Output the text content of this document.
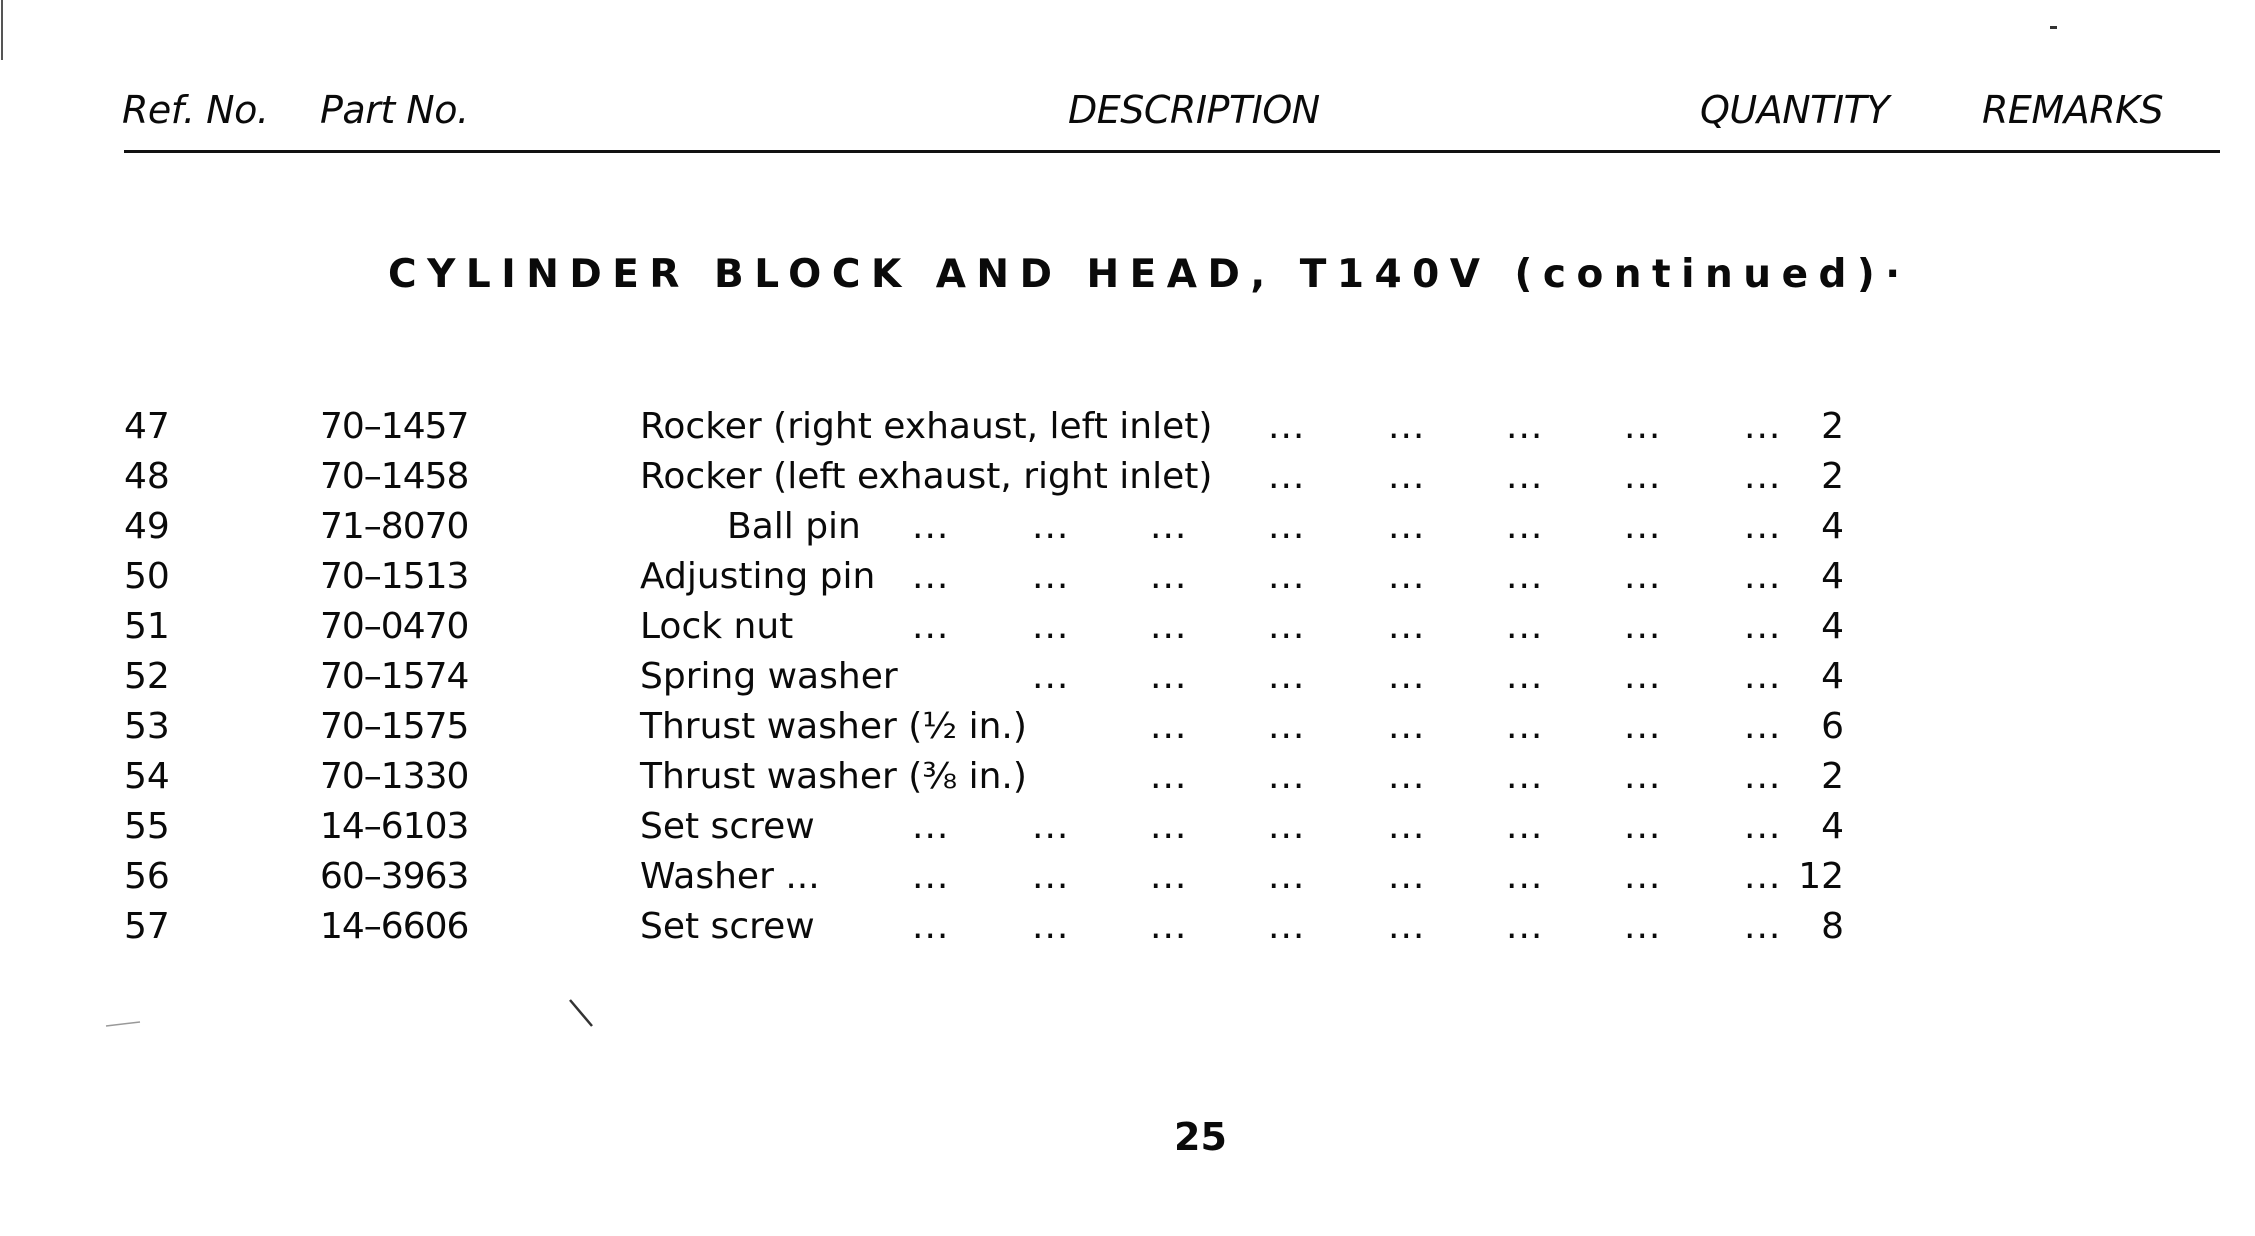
Ref. No. Part No.	DESCRIPTION	QUANTITY REMARKS
CYLINDER BLOCK AND HEAD, T140V (continued)·
47	70–1457	Rocker (right exhaust, left inlet) ... ... ... ... ...	2
48	70–1458	Rocker (left exhaust, right inlet) ... ... ... ... ...	2
49	71–8070	Ball pin ... ... ... ... ... ... ... ...	4
50	70–1513	Adjusting pin ... ... ... ... ... ... ... ...	4
51	70–0470	Lock nut	... ... ... ... ... ... ... ...	4
52	70–1574	Spring washer	... ... ... ... ... ... ...	4
53	70–1575	Thrust washer (½ in.)	... ... ... ... ... ...	6
54	70–1330	Thrust washer (⅜ in.)	... ... ... ... ... ...	2
55	14–6103	Set screw	... ... ... ... ... ... ... ...	4
56	60–3963	Washer ...	... ... ... ... ... ... ... ... 12
57	14–6606	Set screw	... ... ... ... ... ... ... ...	8
25
